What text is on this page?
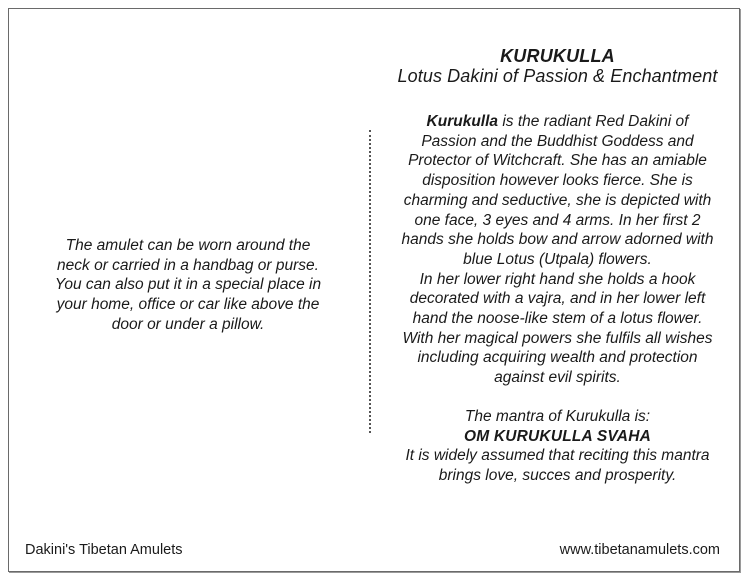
The amulet can be worn around the
neck or carried in a handbag or purse.
You can also put it in a special place in
your home, office or car like above the
door or under a pillow.

KURUKULLA

Lotus Dakini of Passion & Enchantment

Kurukulla is the radiant Red Dakini of
Passion and the Buddhist Goddess and
Protector of Witchcraft. She has an amiable
disposition however looks fierce. She is
charming and seductive, she is depicted with
one face, 3 eyes and 4 arms. In her first 2
hands she holds bow and arrow adorned with
blue Lotus (Utpala) flowers.
In her lower right hand she holds a hook
decorated with a vajra, and in her lower left
hand the noose-like stem of a lotus flower.
With her magical powers she fulfils all wishes
including acquiring wealth and protection
against evil spirits.
The mantra of Kurukulla is:
OM KURUKULLA SVAHA
It is widely assumed that reciting this mantra
brings love, succes and prosperity.
Dakini's Tibetan Amulets	www.tibetanamulets.com
